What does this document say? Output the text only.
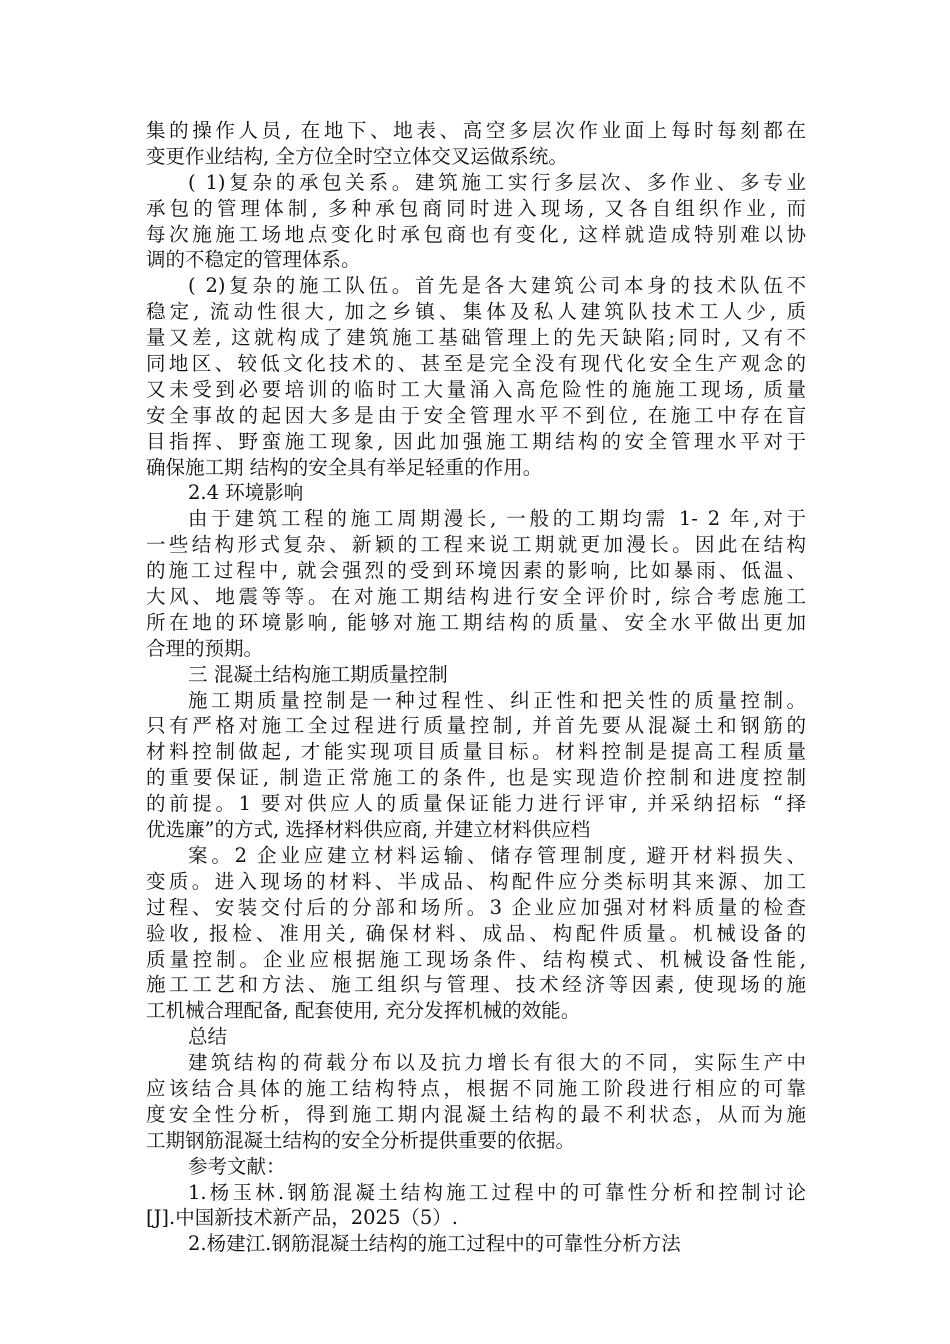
集的操作人员, 在地下、地表、高空多层次作业面上每时每刻都在
变更作业结构, 全方位全时空立体交叉运做系统。
( 1)复杂的承包关系。建筑施工实行多层次、多作业、多专业
承包的管理体制, 多种承包商同时进入现场, 又各自组织作业, 而
每次施施工场地点变化时承包商也有变化, 这样就造成特别难以协
调的不稳定的管理体系。
( 2)复杂的施工队伍。首先是各大建筑公司本身的技术队伍不
稳定, 流动性很大, 加之乡镇、集体及私人建筑队技术工人少, 质
量又差, 这就构成了建筑施工基础管理上的先天缺陷;同时, 又有不
同地区、较低文化技术的、甚至是完全没有现代化安全生产观念的
又未受到必要培训的临时工大量涌入高危险性的施施工现场, 质量
安全事故的起因大多是由于安全管理水平不到位, 在施工中存在盲
目指挥、野蛮施工现象, 因此加强施工期结构的安全管理水平对于
确保施工期 结构的安全具有举足轻重的作用。
2.4 环境影响
由于建筑工程的施工周期漫长, 一般的工期均需 1- 2 年,对于
一些结构形式复杂、新颖的工程来说工期就更加漫长。因此在结构
的施工过程中, 就会强烈的受到环境因素的影响, 比如暴雨、低温、
大风、地震等等。在对施工期结构进行安全评价时, 综合考虑施工
所在地的环境影响, 能够对施工期结构的质量、安全水平做出更加
合理的预期。
三 混凝土结构施工期质量控制
施工期质量控制是一种过程性、纠正性和把关性的质量控制。
只有严格对施工全过程进行质量控制, 并首先要从混凝土和钢筋的
材料控制做起, 才能实现项目质量目标。材料控制是提高工程质量
的重要保证, 制造正常施工的条件, 也是实现造价控制和进度控制
的前提。1 要对供应人的质量保证能力进行评审, 并采纳招标 “择
优选廉”的方式, 选择材料供应商, 并建立材料供应档
案。2 企业应建立材料运输、储存管理制度, 避开材料损失、
变质。进入现场的材料、半成品、构配件应分类标明其来源、加工
过程、安装交付后的分部和场所。3 企业应加强对材料质量的检查
验收, 报检、准用关, 确保材料、成品、构配件质量。机械设备的
质量控制。企业应根据施工现场条件、结构模式、机械设备性能,
施工工艺和方法、施工组织与管理、技术经济等因素, 使现场的施
工机械合理配备, 配套使用, 充分发挥机械的效能。
总结
建筑结构的荷载分布以及抗力增长有很大的不同，实际生产中
应该结合具体的施工结构特点，根据不同施工阶段进行相应的可靠
度安全性分析，得到施工期内混凝土结构的最不利状态，从而为施
工期钢筋混凝土结构的安全分析提供重要的依据。
参考文献：
1.杨玉林.钢筋混凝土结构施工过程中的可靠性分析和控制讨论
[J].中国新技术新产品，2025（5）.
2.杨建江.钢筋混凝土结构的施工过程中的可靠性分析方法
